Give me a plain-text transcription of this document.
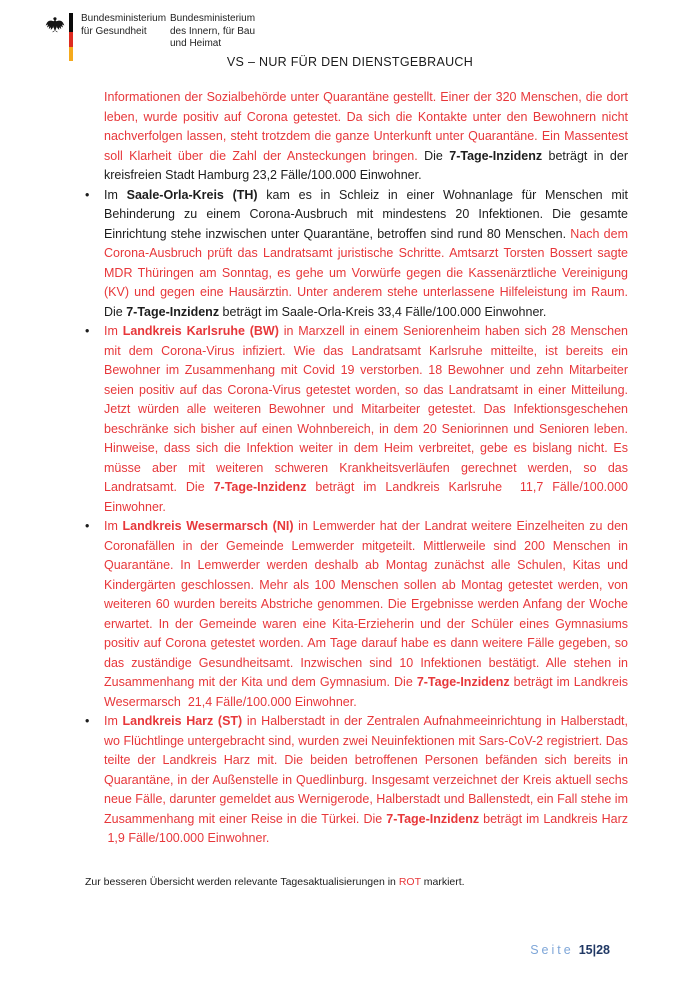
Bundesministerium
für Gesundheit
Bundesministerium
des Innern, für Bau
und Heimat
VS – NUR FÜR DEN DIENSTGEBRAUCH
Informationen der Sozialbehörde unter Quarantäne gestellt. Einer der 320 Menschen, die dort leben, wurde positiv auf Corona getestet. Da sich die Kontakte unter den Bewohnern nicht nachverfolgen lassen, steht trotzdem die ganze Unterkunft unter Quarantäne. Ein Massentest soll Klarheit über die Zahl der Ansteckungen bringen. Die 7-Tage-Inzidenz beträgt in der kreisfreien Stadt Hamburg 23,2 Fälle/100.000 Einwohner.
• Im Saale-Orla-Kreis (TH) kam es in Schleiz in einer Wohnanlage für Menschen mit Behinderung zu einem Corona-Ausbruch mit mindestens 20 Infektionen. Die gesamte Einrichtung stehe inzwischen unter Quarantäne, betroffen sind rund 80 Menschen. Nach dem Corona-Ausbruch prüft das Landratsamt juristische Schritte. Amtsarzt Torsten Bossert sagte MDR Thüringen am Sonntag, es gehe um Vorwürfe gegen die Kassenärztliche Vereinigung (KV) und gegen eine Hausärztin. Unter anderem stehe unterlassene Hilfeleistung im Raum. Die 7-Tage-Inzidenz beträgt im Saale-Orla-Kreis 33,4 Fälle/100.000 Einwohner.
• Im Landkreis Karlsruhe (BW) in Marxzell in einem Seniorenheim haben sich 28 Menschen mit dem Corona-Virus infiziert. Wie das Landratsamt Karlsruhe mitteilte, ist bereits ein Bewohner im Zusammenhang mit Covid 19 verstorben. 18 Bewohner und zehn Mitarbeiter seien positiv auf das Corona-Virus getestet worden, so das Landratsamt in einer Mitteilung. Jetzt würden alle weiteren Bewohner und Mitarbeiter getestet. Das Infektionsgeschehen beschränke sich bisher auf einen Wohnbereich, in dem 20 Seniorinnen und Senioren leben. Hinweise, dass sich die Infektion weiter in dem Heim verbreitet, gebe es bislang nicht. Es müsse aber mit weiteren schweren Krankheitsverläufen gerechnet werden, so das Landratsamt. Die 7-Tage-Inzidenz beträgt im Landkreis Karlsruhe  11,7 Fälle/100.000 Einwohner.
• Im Landkreis Wesermarsch (NI) in Lemwerder hat der Landrat weitere Einzelheiten zu den Coronafällen in der Gemeinde Lemwerder mitgeteilt. Mittlerweile sind 200 Menschen in Quarantäne. In Lemwerder werden deshalb ab Montag zunächst alle Schulen, Kitas und Kindergärten geschlossen. Mehr als 100 Menschen sollen ab Montag getestet werden, von weiteren 60 wurden bereits Abstriche genommen. Die Ergebnisse werden Anfang der Woche erwartet. In der Gemeinde waren eine Kita-Erzieherin und der Schüler eines Gymnasiums positiv auf Corona getestet worden. Am Tage darauf habe es dann weitere Fälle gegeben, so das zuständige Gesundheitsamt. Inzwischen sind 10 Infektionen bestätigt. Alle stehen in Zusammenhang mit der Kita und dem Gymnasium. Die 7-Tage-Inzidenz beträgt im Landkreis Wesermarsch  21,4 Fälle/100.000 Einwohner.
• Im Landkreis Harz (ST) in Halberstadt in der Zentralen Aufnahmeeinrichtung in Halberstadt, wo Flüchtlinge untergebracht sind, wurden zwei Neuinfektionen mit Sars-CoV-2 registriert. Das teilte der Landkreis Harz mit. Die beiden betroffenen Personen befänden sich bereits in Quarantäne, in der Außenstelle in Quedlinburg. Insgesamt verzeichnet der Kreis aktuell sechs neue Fälle, darunter gemeldet aus Wernigerode, Halberstadt und Ballenstedt, ein Fall stehe im Zusammenhang mit einer Reise in die Türkei. Die 7-Tage-Inzidenz beträgt im Landkreis Harz  1,9 Fälle/100.000 Einwohner.
Zur besseren Übersicht werden relevante Tagesaktualisierungen in ROT markiert.
Seite 15|28
